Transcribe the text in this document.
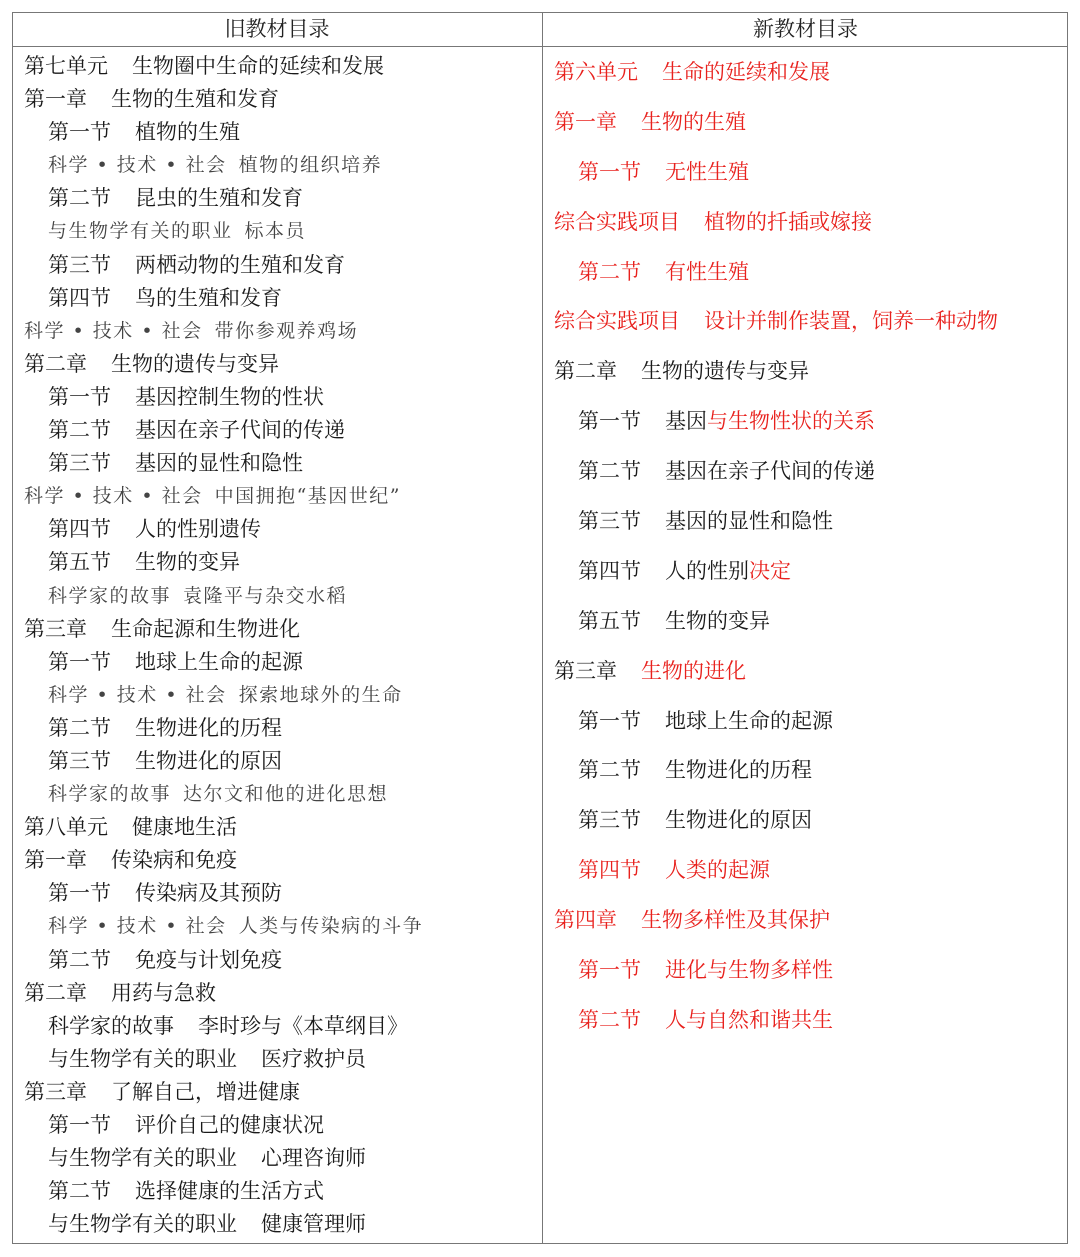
旧教材目录	新教材目录
第七单元 生物圈中生命的延续和发展
第一章 生物的生殖和发育
第一节 植物的生殖
科学 • 技术 • 社会 植物的组织培养
第二节 昆虫的生殖和发育
与生物学有关的职业 标本员
第三节 两栖动物的生殖和发育
第四节 鸟的生殖和发育
科学 • 技术 • 社会 带你参观养鸡场
第二章 生物的遗传与变异
第一节 基因控制生物的性状
第二节 基因在亲子代间的传递
第三节 基因的显性和隐性
科学 • 技术 • 社会 中国拥抱“基因世纪”
第四节 人的性别遗传
第五节 生物的变异
科学家的故事 袁隆平与杂交水稻
第三章 生命起源和生物进化
第一节 地球上生命的起源
科学 • 技术 • 社会 探索地球外的生命
第二节 生物进化的历程
第三节 生物进化的原因
科学家的故事 达尔文和他的进化思想
第八单元 健康地生活
第一章 传染病和免疫
第一节 传染病及其预防
科学 • 技术 • 社会 人类与传染病的斗争
第二节 免疫与计划免疫
第二章 用药与急救
科学家的故事 李时珍与《本草纲目》
与生物学有关的职业 医疗救护员
第三章 了解自己，增进健康
第一节 评价自己的健康状况
与生物学有关的职业 心理咨询师
第二节 选择健康的生活方式
与生物学有关的职业 健康管理师
第六单元 生命的延续和发展
第一章 生物的生殖
第一节 无性生殖
综合实践项目 植物的扦插或嫁接
第二节 有性生殖
综合实践项目 设计并制作装置，饲养一种动物
第二章 生物的遗传与变异
第一节 基因与生物性状的关系
第二节 基因在亲子代间的传递
第三节 基因的显性和隐性
第四节 人的性别决定
第五节 生物的变异
第三章 生物的进化
第一节 地球上生命的起源
第二节 生物进化的历程
第三节 生物进化的原因
第四节 人类的起源
第四章 生物多样性及其保护
第一节 进化与生物多样性
第二节 人与自然和谐共生
